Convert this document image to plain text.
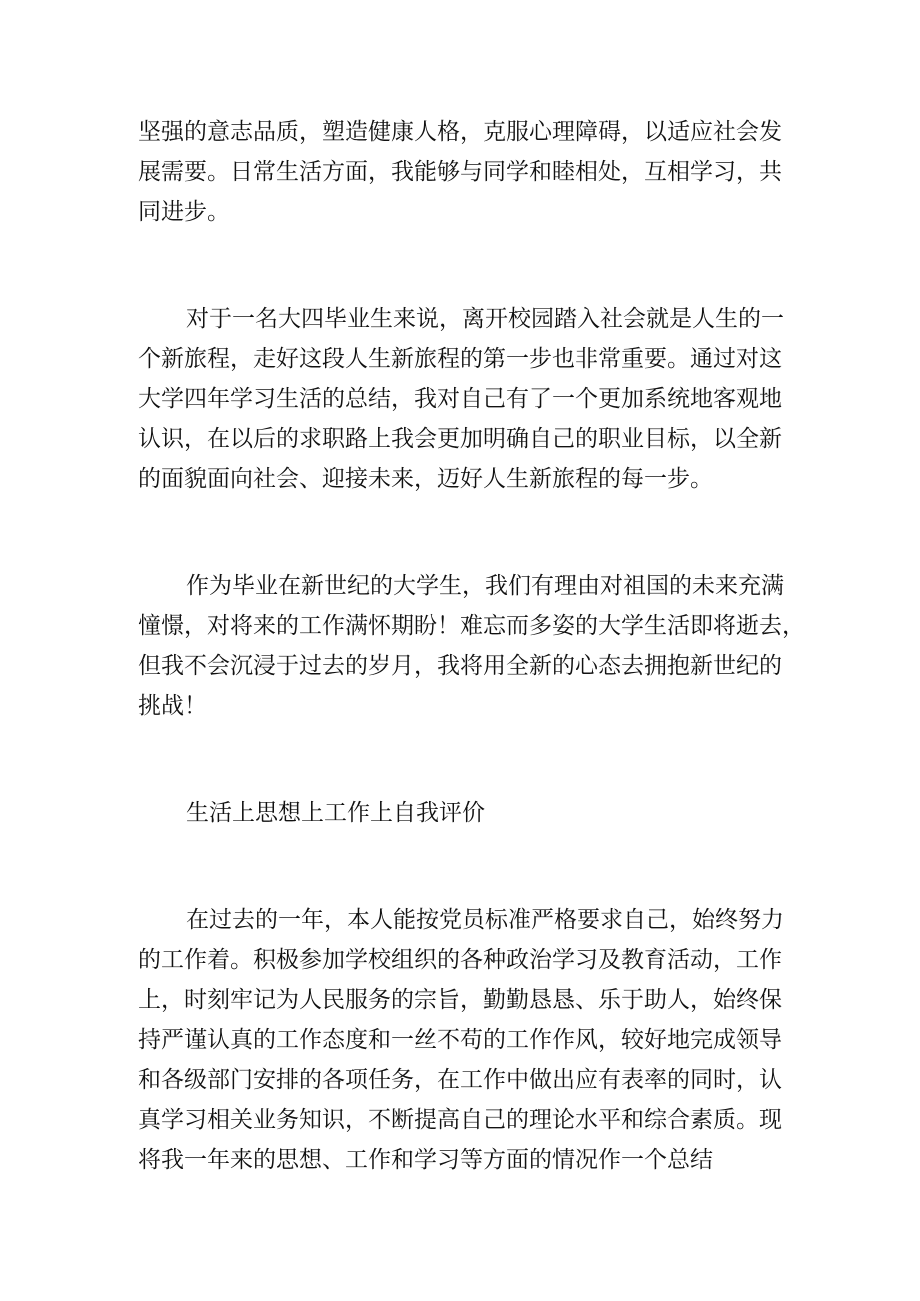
坚强的意志品质，塑造健康人格，克服心理障碍，以适应社会发
展需要。日常生活方面，我能够与同学和睦相处，互相学习，共
同进步。
对于一名大四毕业生来说，离开校园踏入社会就是人生的一
个新旅程，走好这段人生新旅程的第一步也非常重要。通过对这
大学四年学习生活的总结，我对自己有了一个更加系统地客观地
认识，在以后的求职路上我会更加明确自己的职业目标，以全新
的面貌面向社会、迎接未来，迈好人生新旅程的每一步。
作为毕业在新世纪的大学生，我们有理由对祖国的未来充满
憧憬，对将来的工作满怀期盼！难忘而多姿的大学生活即将逝去，
但我不会沉浸于过去的岁月，我将用全新的心态去拥抱新世纪的
挑战！
生活上思想上工作上自我评价
在过去的一年，本人能按党员标准严格要求自己，始终努力
的工作着。积极参加学校组织的各种政治学习及教育活动，工作
上，时刻牢记为人民服务的宗旨，勤勤恳恳、乐于助人，始终保
持严谨认真的工作态度和一丝不苟的工作作风，较好地完成领导
和各级部门安排的各项任务，在工作中做出应有表率的同时，认
真学习相关业务知识，不断提高自己的理论水平和综合素质。现
将我一年来的思想、工作和学习等方面的情况作一个总结
